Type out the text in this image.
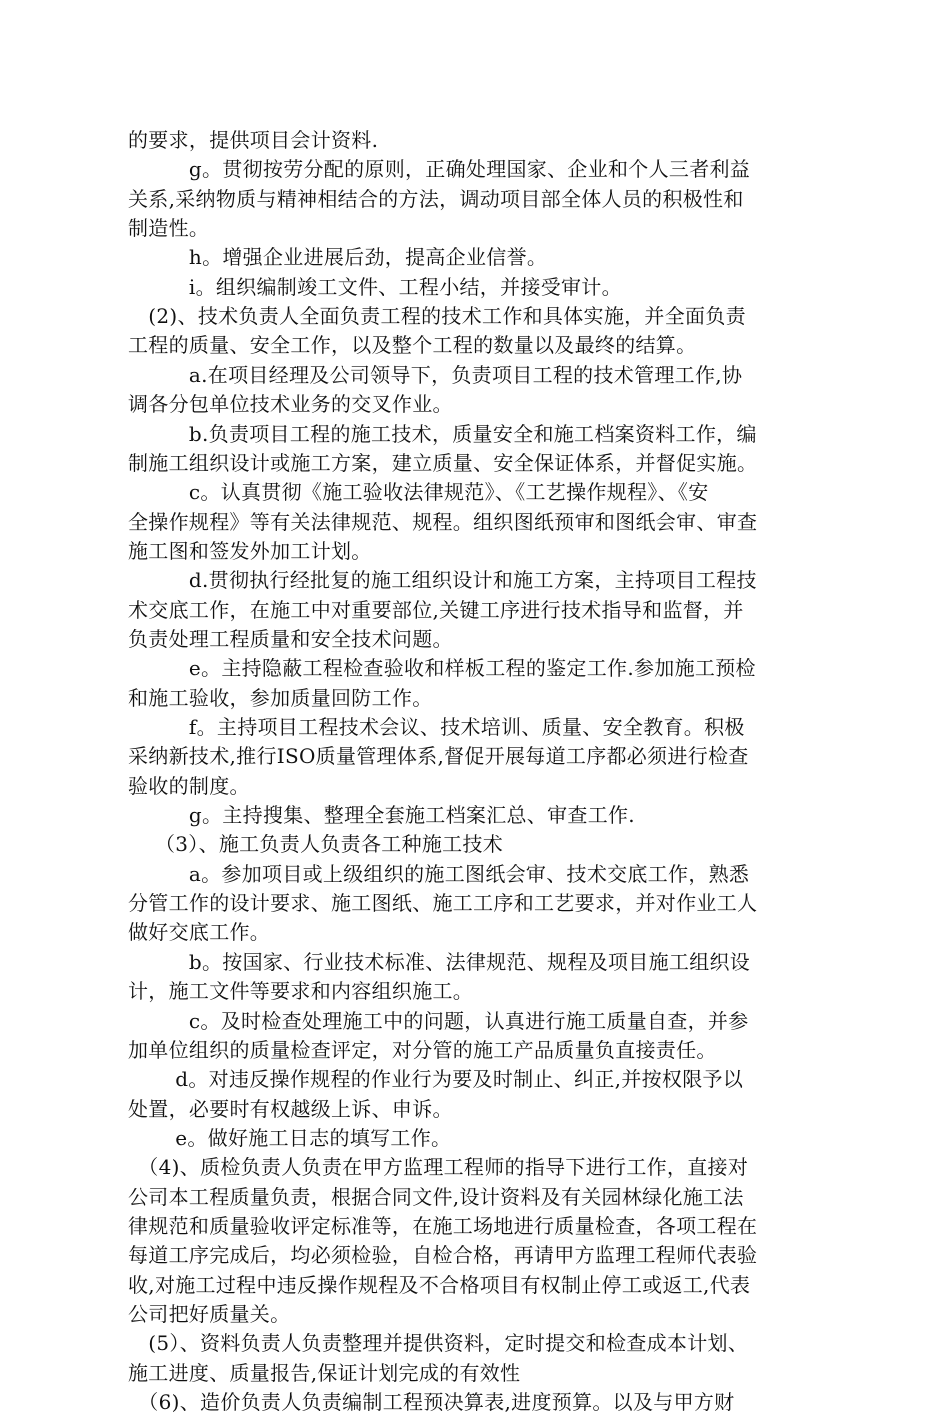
的要求，提供项目会计资料.
　　　g。贯彻按劳分配的原则，正确处理国家、企业和个人三者利益
关系,采纳物质与精神相结合的方法，调动项目部全体人员的积极性和
制造性。
　　　h。增强企业进展后劲，提高企业信誉。
　　　i。组织编制竣工文件、工程小结，并接受审计。
　(2)、技术负责人全面负责工程的技术工作和具体实施，并全面负责
工程的质量、安全工作，以及整个工程的数量以及最终的结算。
　　　a.在项目经理及公司领导下，负责项目工程的技术管理工作,协
调各分包单位技术业务的交叉作业。
　　　b.负责项目工程的施工技术，质量安全和施工档案资料工作，编
制施工组织设计或施工方案，建立质量、安全保证体系，并督促实施。
　　　c。认真贯彻《施工验收法律规范》、《工艺操作规程》、《安
全操作规程》等有关法律规范、规程。组织图纸预审和图纸会审、审查
施工图和签发外加工计划。
　　　d.贯彻执行经批复的施工组织设计和施工方案，主持项目工程技
术交底工作，在施工中对重要部位,关键工序进行技术指导和监督，并
负责处理工程质量和安全技术问题。
　　　e。主持隐蔽工程检查验收和样板工程的鉴定工作.参加施工预检
和施工验收，参加质量回防工作。
　　　f。主持项目工程技术会议、技术培训、质量、安全教育。积极
采纳新技术,推行ISO质量管理体系,督促开展每道工序都必须进行检查
验收的制度。
　　　g。主持搜集、整理全套施工档案汇总、审查工作.
　 （3）、施工负责人负责各工种施工技术
　　　a。参加项目或上级组织的施工图纸会审、技术交底工作，熟悉
分管工作的设计要求、施工图纸、施工工序和工艺要求，并对作业工人
做好交底工作。
　　　b。按国家、行业技术标准、法律规范、规程及项目施工组织设
计，施工文件等要求和内容组织施工。
　　　c。及时检查处理施工中的问题，认真进行施工质量自查，并参
加单位组织的质量检查评定，对分管的施工产品质量负直接责任。
　　 d。对违反操作规程的作业行为要及时制止、纠正,并按权限予以
处置，必要时有权越级上诉、申诉。
　　 e。做好施工日志的填写工作。
　（4)、质检负责人负责在甲方监理工程师的指导下进行工作，直接对
公司本工程质量负责，根据合同文件,设计资料及有关园林绿化施工法
律规范和质量验收评定标准等，在施工场地进行质量检查，各项工程在
每道工序完成后，均必须检验，自检合格，再请甲方监理工程师代表验
收,对施工过程中违反操作规程及不合格项目有权制止停工或返工,代表
公司把好质量关。
　(5）、资料负责人负责整理并提供资料，定时提交和检查成本计划、
施工进度、质量报告,保证计划完成的有效性
　（6)、造价负责人负责编制工程预决算表,进度预算。以及与甲方财
